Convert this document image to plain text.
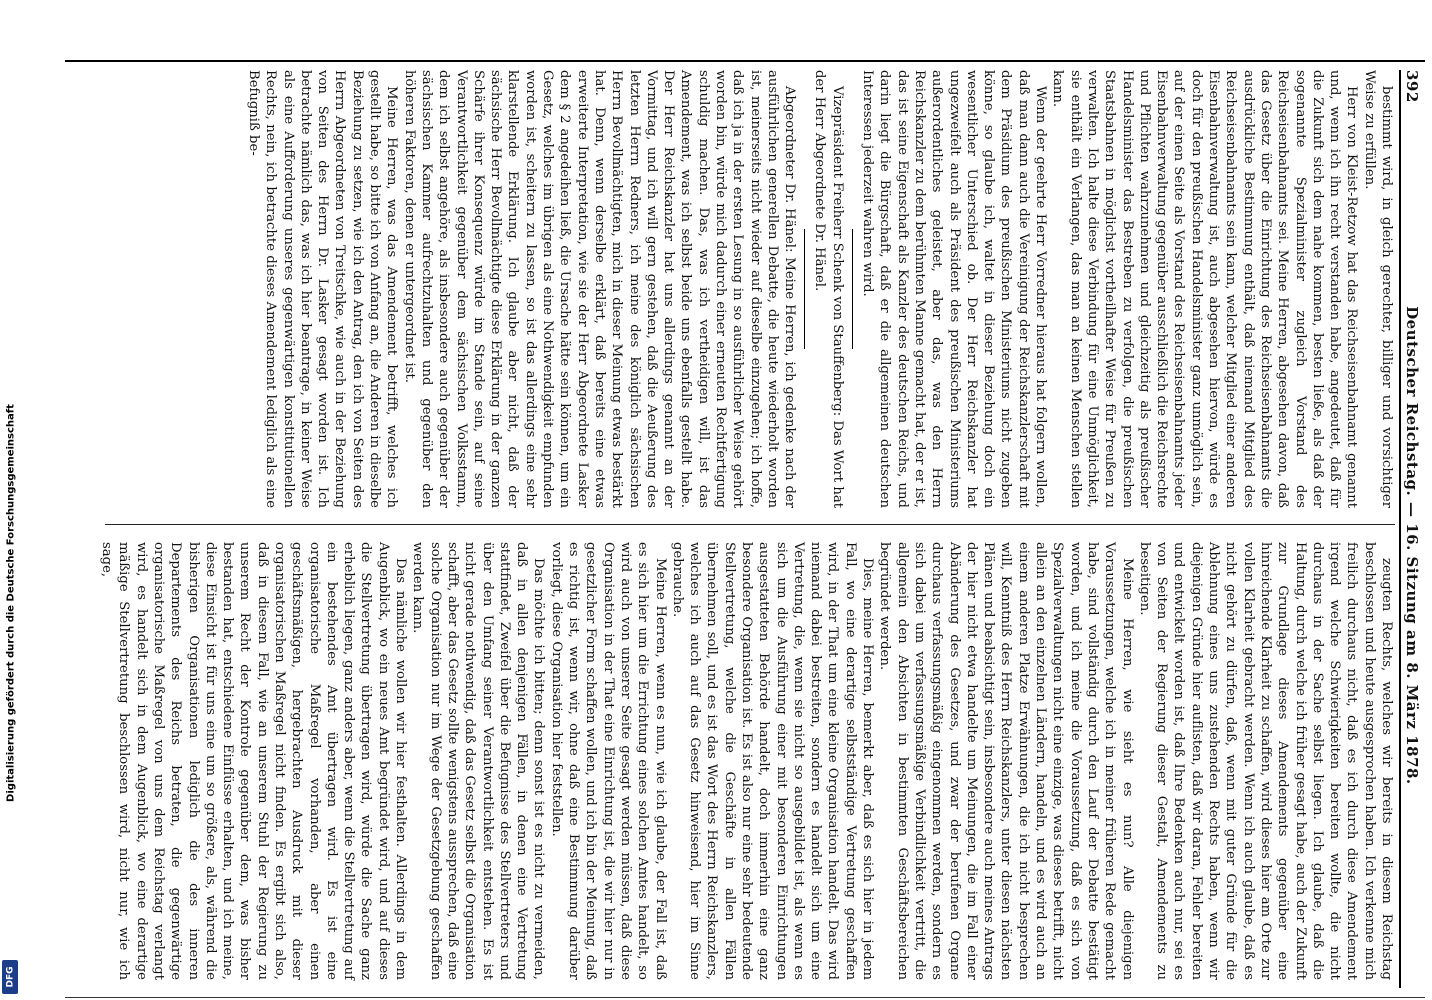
Digitalisierung gefördert durch die Deutsche Forschungsgemeinschaft
DFG
392
Deutscher Reichstag. — 16. Sitzung am 8. März 1878.

bestimmt wird, in gleich gerechter, billiger und vorsichtiger Weise zu erfüllen.

Herr von Kleist-Retzow hat das Reichseisenbahnamt genannt und, wenn ich ihn recht verstanden habe, angedeutet, daß für die Zukunft sich dem nahe kommen, besten ließe, als daß der sogenannte Spezialminister zugleich Vorstand des Reichseisenbahnamts sei. Meine Herren, abgesehen davon, daß das Gesetz über die Einrichtung des Reichseisenbahnamts die ausdrückliche Bestimmung enthält, daß niemand Mitglied des Reichseisenbahnamts sein kann, welcher Mitglied einer anderen Eisenbahnverwaltung ist, auch abgesehen hiervon, würde es doch für den preußischen Handelsminister ganz unmöglich sein, auf der einen Seite als Vorstand des Reichseisenbahnamts jeder Eisenbahnverwaltung gegenüber ausschließlich die Reichsrechte und Pflichten wahrzunehmen und gleichzeitig als preußischer Handelsminister das Bestreben zu verfolgen, die preußischen Staatsbahnen in möglichst vortheilhafter Weise für Preußen zu verwalten. Ich halte diese Verbindung für eine Unmöglichkeit, sie enthält ein Verlangen, das man an keinen Menschen stellen kann.

Wenn der geehrte Herr Vorredner hieraus hat folgern wollen, daß man dann auch die Vereinigung der Reichskanzlerschaft mit dem Präsidium des preußischen Ministeriums nicht zugeben könne, so glaube ich, waltet in dieser Beziehung doch ein wesentlicher Unterschied ob. Der Herr Reichskanzler hat ungezweifelt auch als Präsident des preußischen Ministeriums außerordentliches geleistet, aber das, was den Herrn Reichskanzler zu dem berühmten Manne gemacht hat, der er ist, das ist seine Eigenschaft als Kanzler des deutschen Reichs, und darin liegt die Bürgschaft, daß er die allgemeinen deutschen Interessen jederzeit wahren wird.

Vizepräsident Freiherr Schenk von Stauffenberg: Das Wort hat der Herr Abgeordnete Dr. Hänel.

Abgeordneter Dr. Hänel: Meine Herren, ich gedenke nach der ausführlichen generellen Debatte, die heute wiederholt worden ist, meinerseits nicht wieder auf dieselbe einzugehen; ich hoffe, daß ich ja in der ersten Lesung in so ausführlicher Weise gehört worden bin, würde mich dadurch einer erneuten Rechtfertigung schuldig machen. Das, was ich vertheidigen will, ist das Amendement, was ich selbst beide uns ebenfalls gestellt habe. Der Herr Reichskanzler hat uns allerdings genannt an der Vormittag, und ich will gern gestehen, daß die Aeußerung des letzten Herrn Redners, ich meine des königlich sächsischen Herrn Bevollmächtigten, mich in dieser Meinung etwas bestärkt hat. Denn, wenn derselbe erklärt, daß bereits eine etwas erweiterte Interpretation, wie sie der Herr Abgeordnete Lasker dem § 2 angedeihen ließ, die Ursache hätte sein können, um ein Gesetz, welches im übrigen als eine Nothwendigkeit empfunden worden ist, scheitern zu lassen, so ist das allerdings eine sehr klarstellende Erklärung. Ich glaube aber nicht, daß der sächsische Herr Bevollmächtigte diese Erklärung in der ganzen Schärfe ihrer Konsequenz würde im Stande sein, auf seine Verantwortlichkeit gegenüber dem sächsischen Volksstamm, dem ich selbst angehöre, als insbesondere auch gegenüber der sächsischen Kammer aufrechtzuhalten und gegenüber den höheren Faktoren, denen er untergeordnet ist.

Meine Herren, was das Amendement betrifft, welches ich gestellt habe, so bitte ich von Anfang an, die Anderen in dieselbe Beziehung zu setzen, wie ich den Antrag, den ich von Seiten des Herrn Abgeordneten von Treitschke, wie auch in der Beziehung von Seiten des Herrn Dr. Lasker gesagt worden ist. Ich betrachte nämlich das, was ich hier beantrage, in keiner Weise als eine Aufforderung unseres gegenwärtigen konstitutionellen Rechts, nein, ich betrachte dieses Amendement lediglich als eine Befugniß be-

zeugten Rechts, welches wir bereits in diesem Reichstag beschlossen und heute ausgesprochen haben. Ich verkenne mich freilich durchaus nicht, daß es ich durch diese Amendement irgend welche Schwierigkeiten bereiten wollte, die nicht durchaus in der Sache selbst liegen. Ich glaube, daß die Haltung, durch welche ich früher gesagt habe, auch der Zukunft zur Grundlage dieses Amendements gegenüber eine hinreichende Klarheit zu schaffen, wird dieses hier am Orte zur vollen Klarheit gebracht werden. Wenn ich auch glaube, daß es nicht gehört zu dürfen, daß, wenn mit guter Gründe für die Ablehnung eines uns zustehenden Rechts haben, wenn wir diejenigen Gründe hier auflisten, daß wir daran, Fehler bereiten und entwickelt worden ist, daß Ihre Bedenken auch nur, sei es von Seiten der Regierung dieser Gestalt, Amendements zu beseitigen.

Meine Herren, wie sieht es nun? Alle diejenigen Voraussetzungen, welche ich in meiner früheren Rede gemacht habe, sind vollständig durch den Lauf der Debatte bestätigt worden, und ich meine die Voraussetzung, daß es sich von Spezialverwaltungen nicht eine einzige, was dieses betrifft, nicht allein an den einzelnen Ländern, handeln, und es wird auch an einem anderen Platze Erwähnungen, die ich nicht besprechen will, Kenntniß des Herrn Reichskanzlers, unter diesen nächsten Plänen und beabsichtigt sein, insbesondere auch meines Antrags der hier nicht etwa handelte um Meinungen, die im Fall einer Abänderung des Gesetzes, und zwar der berufenen Organe durchaus verfassungsmäßig eingenommen werden, sondern es sich dabei um verfassungsmäßige Verbindlichkeit vertritt, die allgemein den Absichten in bestimmten Geschäftsbereichen begründet werden.

Dies, meine Herren, bemerkt aber, daß es sich hier in jedem Fall, wo eine derartige selbstständige Vertretung geschaffen wird, in der That um eine kleine Organisation handelt. Das wird niemand dabei bestreiten, sondern es handelt sich um eine Vertretung, die, wenn sie nicht so ausgebildet ist, als wenn es sich um die Ausführung einer mit besonderen Einrichtungen ausgestatteten Behörde handelt, doch immerhin eine ganz besondere Organisation ist. Es ist also nur eine sehr bedeutende Stellvertretung, welche die Geschäfte in allen Fällen übernehmen soll, und es ist das Wort des Herrn Reichskanzlers, welches ich auch auf das Gesetz hinweisend, hier im Sinne gebrauche.

Meine Herren, wenn es nun, wie ich glaube, der Fall ist, daß es sich hier um die Errichtung eines solchen Amtes handelt, so wird auch von unserer Seite gesagt werden müssen, daß diese Organisation in der That eine Einrichtung ist, die wir hier nur in gesetzlicher Form schaffen wollen, und ich bin der Meinung, daß es richtig ist, wenn wir, ohne daß eine Bestimmung darüber vorliegt, diese Organisation hier feststellen.

Das möchte ich bitten; denn sonst ist es nicht zu vermeiden, daß in allen denjenigen Fällen, in denen eine Vertretung stattfindet, Zweifel über die Befugnisse des Stellvertreters und über den Umfang seiner Verantwortlichkeit entstehen. Es ist nicht gerade nothwendig, daß das Gesetz selbst die Organisation schafft, aber das Gesetz sollte wenigstens aussprechen, daß eine solche Organisation nur im Wege der Gesetzgebung geschaffen werden kann.

Das nämliche wollen wir hier festhalten. Allerdings in dem Augenblick, wo ein neues Amt begründet wird, und auf dieses die Stellvertretung übertragen wird, würde die Sache ganz erheblich liegen, ganz anders aber, wenn die Stellvertretung auf ein bestehendes Amt übertragen wird. Es ist eine organisatorische Maßregel vorhanden, aber einen geschäftsmäßigen, hergebrachten Ausdruck mit dieser organisatorischen Maßregel nicht finden. Es ergibt sich also, daß in diesem Fall, wie an unserem Stuhl der Regierung zu unserem Recht der Kontrole gegenüber dem, was bisher bestanden hat, entschiedene Einflüsse erhalten, und ich meine, diese Einsicht ist für uns eine um so größere, als, während die bisherigen Organisationen lediglich die des inneren Departements des Reichs betraten, die gegenwärtige organisatorische Maßregel von uns dem Reichstag verlangt wird, es handelt sich in dem Augenblick, wo eine derartige mäßige Stellvertretung beschlossen wird, nicht nur, wie ich sage,
